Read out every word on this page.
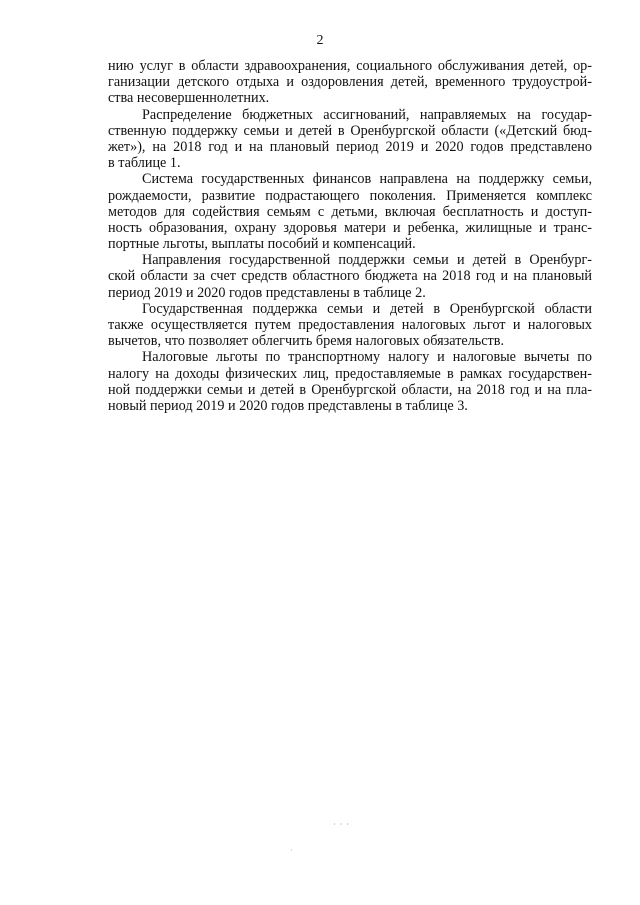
2
нию услуг в области здравоохранения, социального обслуживания детей, ор-
ганизации детского отдыха и оздоровления детей, временного трудоустрой-
ства несовершеннолетних.
Распределение бюджетных ассигнований, направляемых на государ-
ственную поддержку семьи и детей в Оренбургской области («Детский бюд-
жет»), на 2018 год и на плановый период 2019 и 2020 годов представлено
в таблице 1.
Система государственных финансов направлена на поддержку семьи,
рождаемости, развитие подрастающего поколения. Применяется комплекс
методов для содействия семьям с детьми, включая бесплатность и доступ-
ность образования, охрану здоровья матери и ребенка, жилищные и транс-
портные льготы, выплаты пособий и компенсаций.
Направления государственной поддержки семьи и детей в Оренбург-
ской области за счет средств областного бюджета на 2018 год и на плановый
период 2019 и 2020 годов представлены в таблице 2.
Государственная поддержка семьи и детей в Оренбургской области
также осуществляется путем предоставления налоговых льгот и налоговых
вычетов, что позволяет облегчить бремя налоговых обязательств.
Налоговые льготы по транспортному налогу и налоговые вычеты по
налогу на доходы физических лиц, предоставляемые в рамках государствен-
ной поддержки семьи и детей в Оренбургской области, на 2018 год и на пла-
новый период 2019 и 2020 годов представлены в таблице 3.
· · ·
·
